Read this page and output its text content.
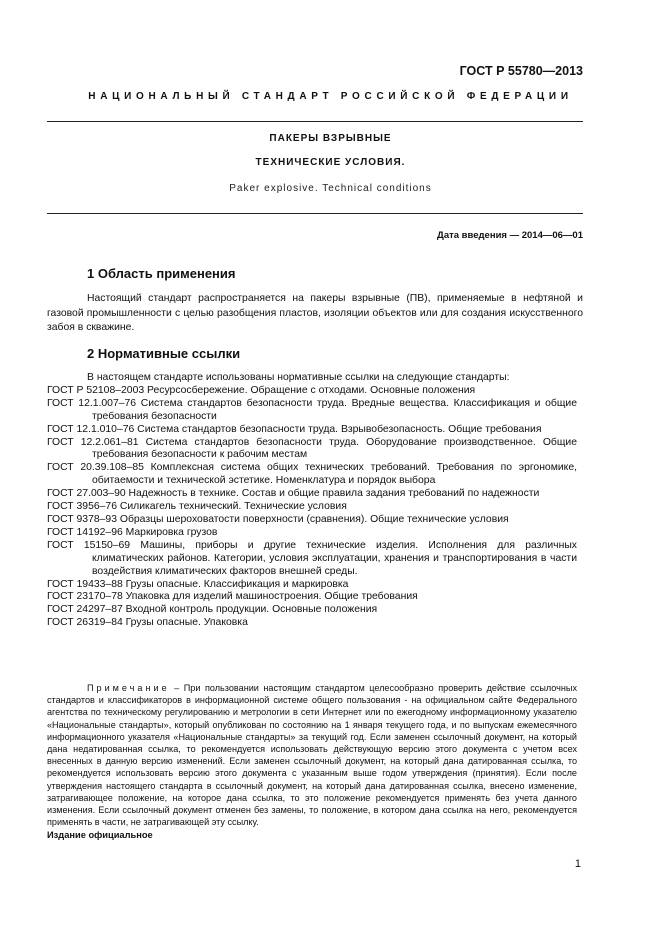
ГОСТ Р 55780—2013
НАЦИОНАЛЬНЫЙ СТАНДАРТ РОССИЙСКОЙ ФЕДЕРАЦИИ
ПАКЕРЫ ВЗРЫВНЫЕ
ТЕХНИЧЕСКИЕ УСЛОВИЯ.
Paker explosive. Technical conditions
Дата введения — 2014—06—01
1 Область применения

Настоящий стандарт распространяется на пакеры взрывные (ПВ), применяемые в нефтяной и газовой промышленности с целью разобщения пластов, изоляции объектов или для создания искусственного забоя в скважине.

2 Нормативные ссылки
В настоящем стандарте использованы нормативные ссылки на следующие стандарты:
ГОСТ Р 52108–2003 Ресурсосбережение. Обращение с отходами. Основные положения
ГОСТ 12.1.007–76 Система стандартов безопасности труда. Вредные вещества. Классификация и общие требования безопасности
ГОСТ 12.1.010–76 Система стандартов безопасности труда. Взрывобезопасность. Общие требования
ГОСТ 12.2.061–81 Система стандартов безопасности труда. Оборудование производственное. Общие требования безопасности к рабочим местам
ГОСТ 20.39.108–85 Комплексная система общих технических требований. Требования по эргономике, обитаемости и технической эстетике. Номенклатура и порядок выбора
ГОСТ 27.003–90 Надежность в технике. Состав и общие правила задания требований по надежности
ГОСТ 3956–76 Силикагель технический. Технические условия
ГОСТ 9378–93 Образцы шероховатости поверхности (сравнения). Общие технические условия
ГОСТ 14192–96 Маркировка грузов
ГОСТ 15150–69 Машины, приборы и другие технические изделия. Исполнения для различных климатических районов. Категории, условия эксплуатации, хранения и транспортирования в части воздействия климатических факторов внешней среды.
ГОСТ 19433–88 Грузы опасные. Классификация и маркировка
ГОСТ 23170–78 Упаковка для изделий машиностроения. Общие требования
ГОСТ 24297–87 Входной контроль продукции. Основные положения
ГОСТ 26319–84 Грузы опасные. Упаковка

Примечание – При пользовании настоящим стандартом целесообразно проверить действие ссылочных стандартов и классификаторов в информационной системе общего пользования - на официальном сайте Федерального агентства по техническому регулированию и метрологии в сети Интернет или по ежегодному информационному указателю «Национальные стандарты», который опубликован по состоянию на 1 января текущего года, и по выпускам ежемесячного информационного указателя «Национальные стандарты» за текущий год. Если заменен ссылочный документ, на который дана недатированная ссылка, то рекомендуется использовать действующую версию этого документа с учетом всех внесенных в данную версию изменений. Если заменен ссылочный документ, на который дана датированная ссылка, то рекомендуется использовать версию этого документа с указанным выше годом утверждения (принятия). Если после утверждения настоящего стандарта в ссылочный документ, на который дана датированная ссылка, внесено изменение, затрагивающее положение, на которое дана ссылка, то это положение рекомендуется применять без учета данного изменения. Если ссылочный документ отменен без замены, то положение, в котором дана ссылка на него, рекомендуется применять в части, не затрагивающей эту ссылку.

Издание официальное
1
